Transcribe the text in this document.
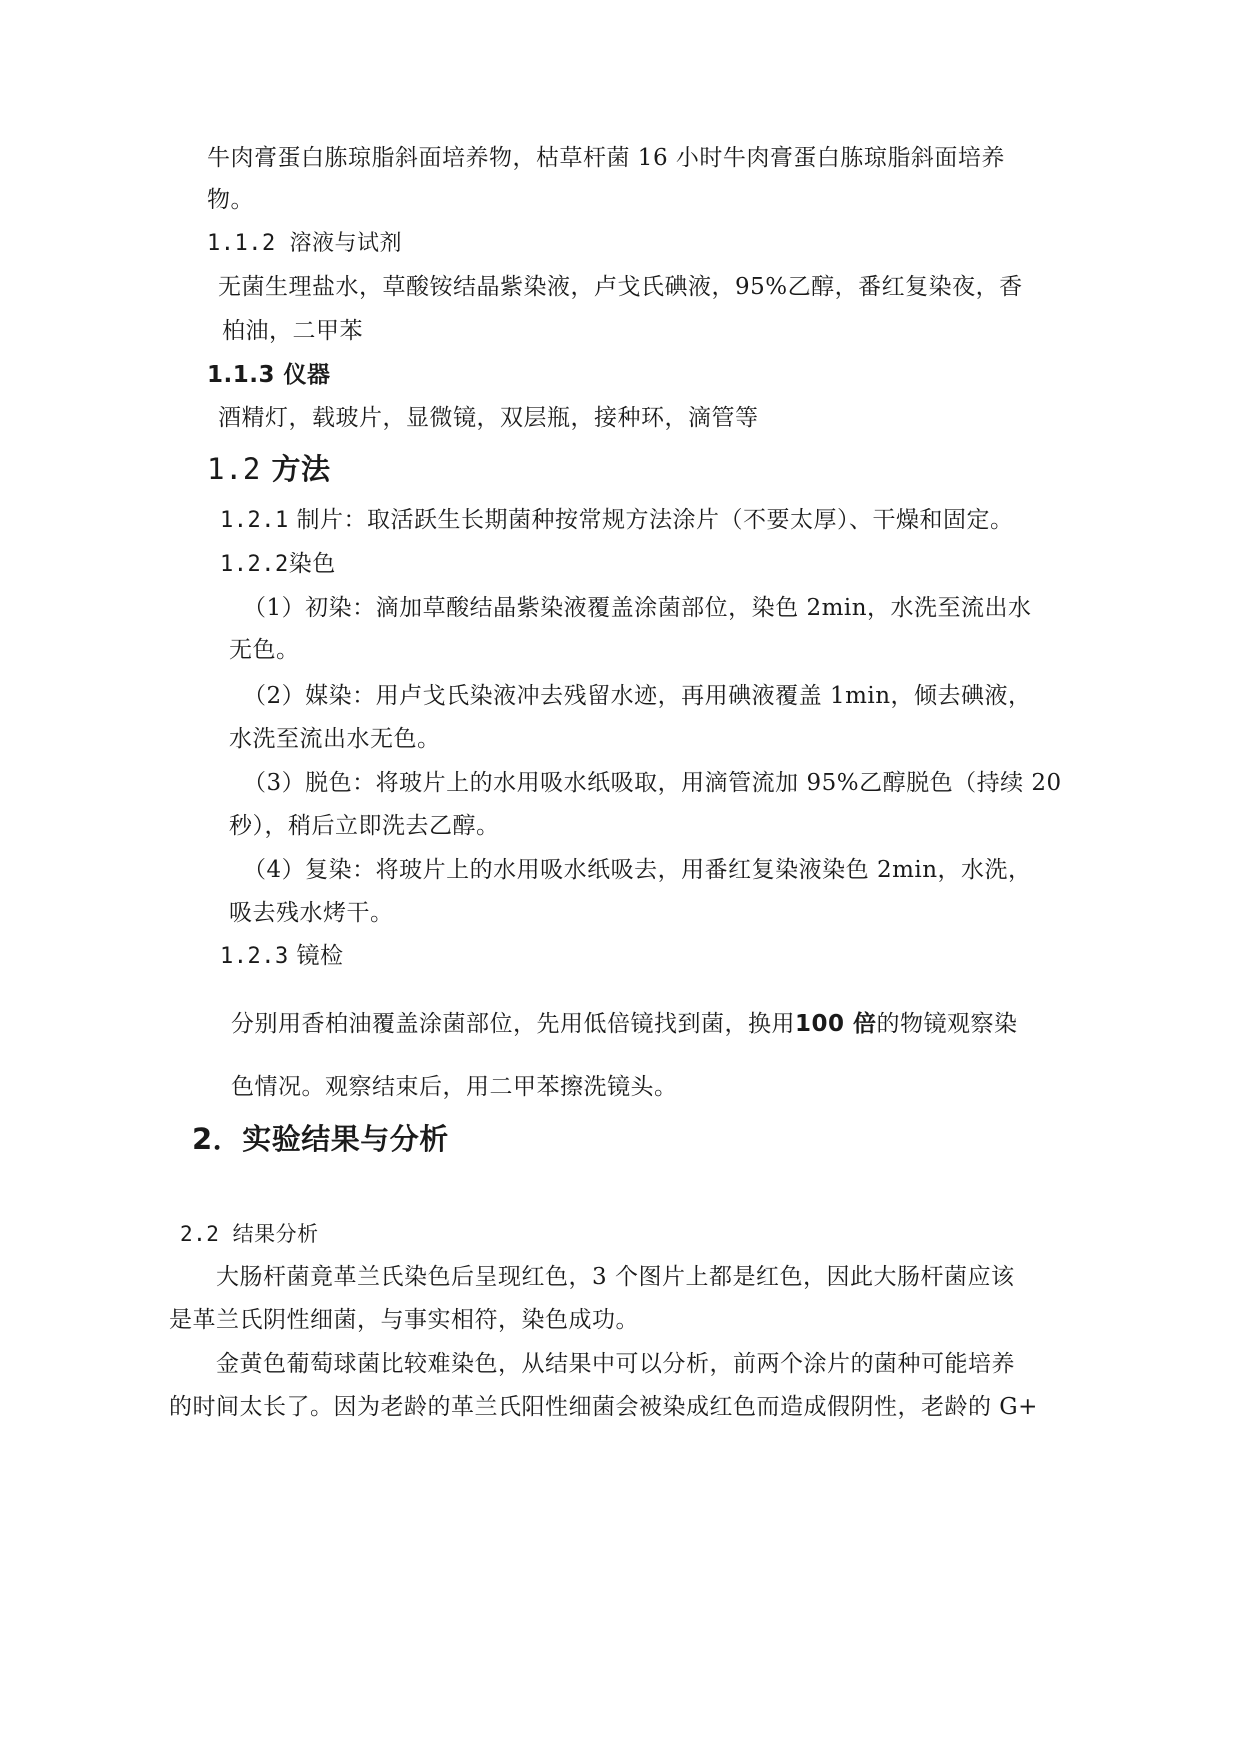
牛肉膏蛋白胨琼脂斜面培养物，枯草杆菌 16 小时牛肉膏蛋白胨琼脂斜面培养
物。
1.1.2 溶液与试剂
无菌生理盐水，草酸铵结晶紫染液，卢戈氏碘液，95%乙醇，番红复染夜，香
柏油，二甲苯
1.1.3 仪器
酒精灯，载玻片，显微镜，双层瓶，接种环，滴管等
1.2 方法
1.2.1 制片：取活跃生长期菌种按常规方法涂片（不要太厚）、干燥和固定。
1.2.2染色
（1）初染：滴加草酸结晶紫染液覆盖涂菌部位，染色 2min，水洗至流出水
无色。
（2）媒染：用卢戈氏染液冲去残留水迹，再用碘液覆盖 1min，倾去碘液，
水洗至流出水无色。
（3）脱色：将玻片上的水用吸水纸吸取，用滴管流加 95%乙醇脱色（持续 20
秒），稍后立即洗去乙醇。
（4）复染：将玻片上的水用吸水纸吸去，用番红复染液染色 2min，水洗，
吸去残水烤干。
1.2.3 镜检
分别用香柏油覆盖涂菌部位，先用低倍镜找到菌，换用100 倍的物镜观察染
色情况。观察结束后，用二甲苯擦洗镜头。
2．实验结果与分析
2.2 结果分析
大肠杆菌竟革兰氏染色后呈现红色，3 个图片上都是红色，因此大肠杆菌应该
是革兰氏阴性细菌，与事实相符，染色成功。
金黄色葡萄球菌比较难染色，从结果中可以分析，前两个涂片的菌种可能培养
的时间太长了。因为老龄的革兰氏阳性细菌会被染成红色而造成假阴性，老龄的 G+
